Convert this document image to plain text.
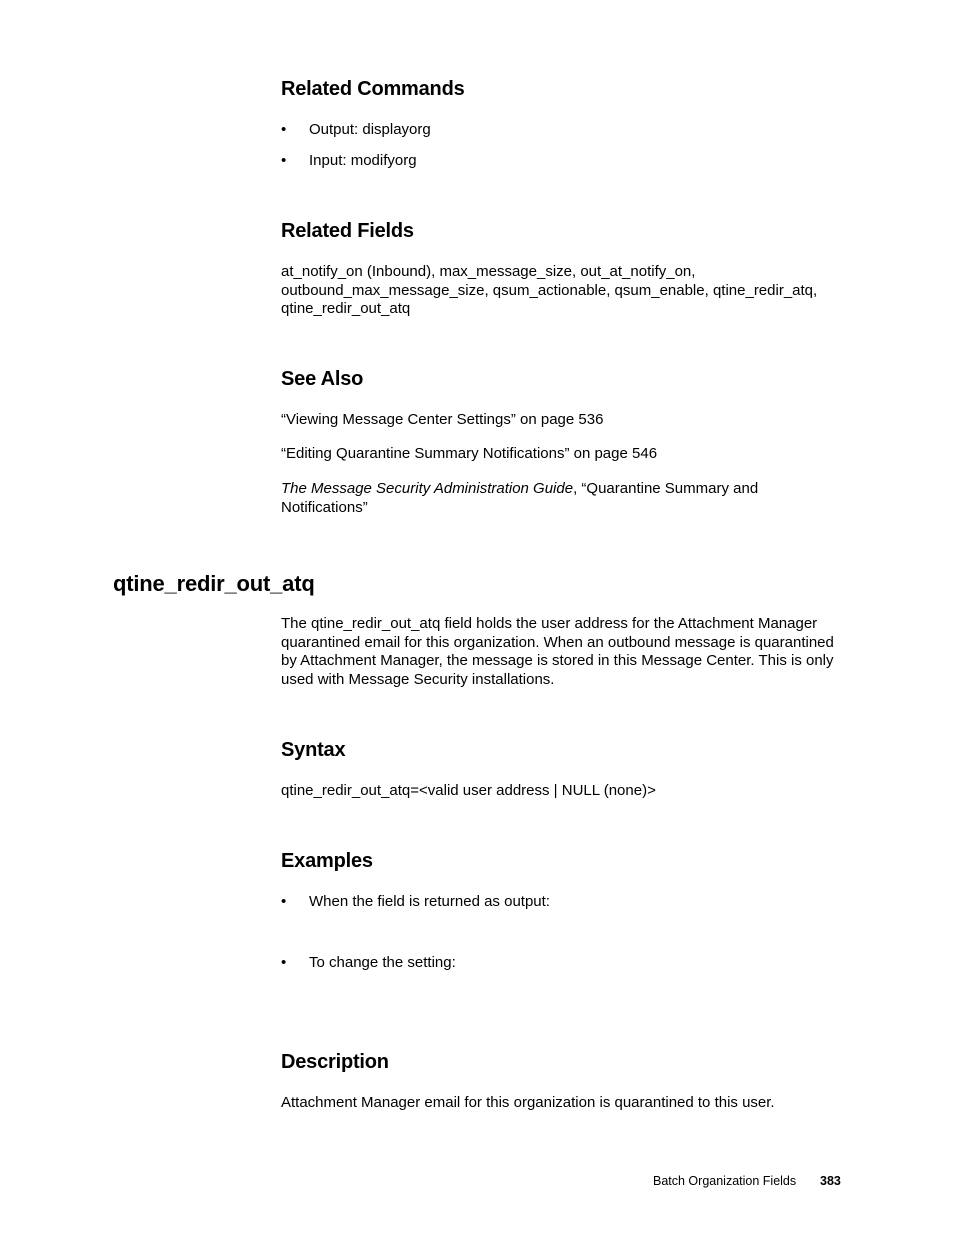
Related Commands
• Output: displayorg
• Input: modifyorg
Related Fields

at_notify_on (Inbound), max_message_size, out_at_notify_on, outbound_max_message_size, qsum_actionable, qsum_enable, qtine_redir_atq, qtine_redir_out_atq

See Also

“Viewing Message Center Settings” on page 536

“Editing Quarantine Summary Notifications” on page 546

The Message Security Administration Guide, “Quarantine Summary and Notifications”

qtine_redir_out_atq

The qtine_redir_out_atq field holds the user address for the Attachment Manager quarantined email for this organization. When an outbound message is quarantined by Attachment Manager, the message is stored in this Message Center. This is only used with Message Security installations.

Syntax

qtine_redir_out_atq=<valid user address | NULL (none)>

Examples
• When the field is returned as output:
• To change the setting:
Description

Attachment Manager email for this organization is quarantined to this user.

Batch Organization Fields 383
